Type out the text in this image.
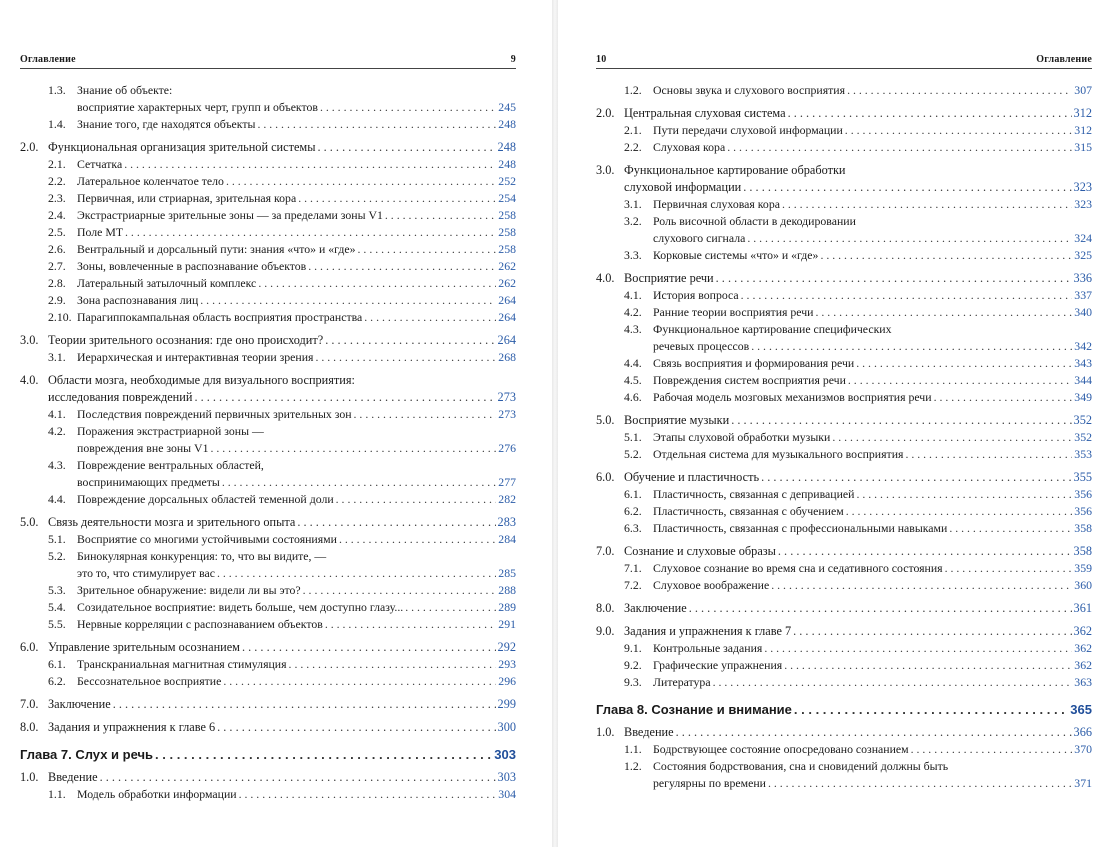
Оглавление	9
1.3. Знание об объекте:
восприятие характерных черт, групп и объектов . . .	245
1.4. Знание того, где находятся объекты . . .	248
2.0. Функциональная организация зрительной системы . . .	248
2.1. Сетчатка . . .	248
2.2. Латеральное коленчатое тело . . .	252
2.3. Первичная, или стриарная, зрительная кора . . .	254
2.4. Экстрастриарные зрительные зоны — за пределами зоны V1 . . .	258
2.5. Поле МТ . . .	258
2.6. Вентральный и дорсальный пути: знания «что» и «где» . . .	258
2.7. Зоны, вовлеченные в распознавание объектов . . .	262
2.8. Латеральный затылочный комплекс . . .	262
2.9. Зона распознавания лиц . . .	264
2.10. Парагиппокампальная область восприятия пространства . . .	264
3.0. Теории зрительного осознания: где оно происходит? . . .	264
3.1. Иерархическая и интерактивная теории зрения . . .	268
4.0. Области мозга, необходимые для визуального восприятия:
исследования повреждений . . .	273
4.1. Последствия повреждений первичных зрительных зон . . .	273
4.2. Поражения экстрастриарной зоны —
повреждения вне зоны V1 . . .	276
4.3. Повреждение вентральных областей,
воспринимающих предметы . . .	277
4.4. Повреждение дорсальных областей теменной доли . . .	282
5.0. Связь деятельности мозга и зрительного опыта . . .	283
5.1. Восприятие со многими устойчивыми состояниями . . .	284
5.2. Бинокулярная конкуренция: то, что вы видите, —
это то, что стимулирует вас . . .	285
5.3. Зрительное обнаружение: видели ли вы это? . . .	288
5.4. Созидательное восприятие: видеть больше, чем доступно глазу... . . .	289
5.5. Нервные корреляции с распознаванием объектов . . .	291
6.0. Управление зрительным осознанием . . .	292
6.1. Транскраниальная магнитная стимуляция . . .	293
6.2. Бессознательное восприятие . . .	296
7.0. Заключение . . .	299
8.0. Задания и упражнения к главе 6 . . .	300
Глава 7. Слух и речь . . .	303
1.0. Введение . . .	303
1.1. Модель обработки информации . . .	304
10	Оглавление
1.2. Основы звука и слухового восприятия . . .	307
2.0. Центральная слуховая система . . .	312
2.1. Пути передачи слуховой информации . . .	312
2.2. Слуховая кора . . .	315
3.0. Функциональное картирование обработки
слуховой информации . . .	323
3.1. Первичная слуховая кора . . .	323
3.2. Роль височной области в декодировании
слухового сигнала . . .	324
3.3. Корковые системы «что» и «где» . . .	325
4.0. Восприятие речи . . .	336
4.1. История вопроса . . .	337
4.2. Ранние теории восприятия речи . . .	340
4.3. Функциональное картирование специфических
речевых процессов . . .	342
4.4. Связь восприятия и формирования речи . . .	343
4.5. Повреждения систем восприятия речи . . .	344
4.6. Рабочая модель мозговых механизмов восприятия речи . . .	349
5.0. Восприятие музыки . . .	352
5.1. Этапы слуховой обработки музыки . . .	352
5.2. Отдельная система для музыкального восприятия . . .	353
6.0. Обучение и пластичность . . .	355
6.1. Пластичность, связанная с депривацией . . .	356
6.2. Пластичность, связанная с обучением . . .	356
6.3. Пластичность, связанная с профессиональными навыками . . .	358
7.0. Сознание и слуховые образы . . .	358
7.1. Слуховое сознание во время сна и седативного состояния . . .	359
7.2. Слуховое воображение . . .	360
8.0. Заключение . . .	361
9.0. Задания и упражнения к главе 7 . . .	362
9.1. Контрольные задания . . .	362
9.2. Графические упражнения . . .	362
9.3. Литература . . .	363
Глава 8. Сознание и внимание . . .	365
1.0. Введение . . .	366
1.1. Бодрствующее состояние опосредовано сознанием . . .	370
1.2. Состояния бодрствования, сна и сновидений должны быть
регулярны по времени . . .	371
